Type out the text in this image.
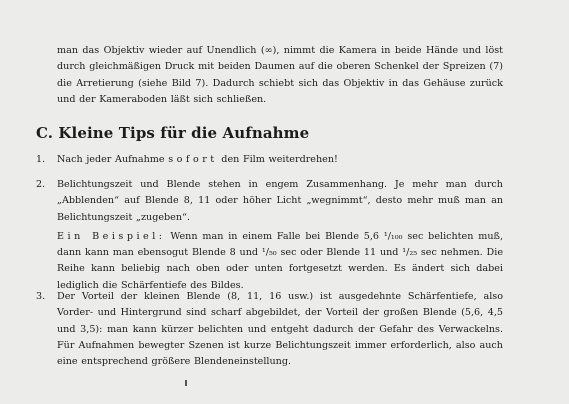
man das Objektiv wieder auf Unendlich (∞), nimmt die Kamera in beide Hände und löst durch gleichmäßigen Druck mit beiden Daumen auf die oberen Schenkel der Spreizen (7) die Arretierung (siehe Bild 7). Dadurch schiebt sich das Objektiv in das Gehäuse zurück und der Kameraboden läßt sich schließen.

C. Kleine Tips für die Aufnahme
1.	Nach jeder Aufnahme sofort den Film weiterdrehen!

2.	Belichtungszeit und Blende stehen in engem Zusammenhang. Je mehr man durch „Abblenden“ auf Blende 8, 11 oder höher Licht „wegnimmt“, desto mehr muß man an Belichtungszeit „zugeben“.

Ein Beispiel: Wenn man in einem Falle bei Blende 5,6 ¹/₁₀₀ sec belichten muß, dann kann man ebensogut Blende 8 und ¹/₅₀ sec oder Blende 11 und ¹/₂₅ sec nehmen. Die Reihe kann beliebig nach oben oder unten fortgesetzt werden. Es ändert sich dabei lediglich die Schärfentiefe des Bildes.

3.	Der Vorteil der kleinen Blende (8, 11, 16 usw.) ist ausgedehnte Schärfentiefe, also Vorder- und Hintergrund sind scharf abgebildet, der Vorteil der großen Blende (5,6, 4,5 und 3,5): man kann kürzer belichten und entgeht dadurch der Gefahr des Verwackelns. Für Aufnahmen bewegter Szenen ist kurze Belichtungszeit immer erforderlich, also auch eine entsprechend größere Blendeneinstellung.
